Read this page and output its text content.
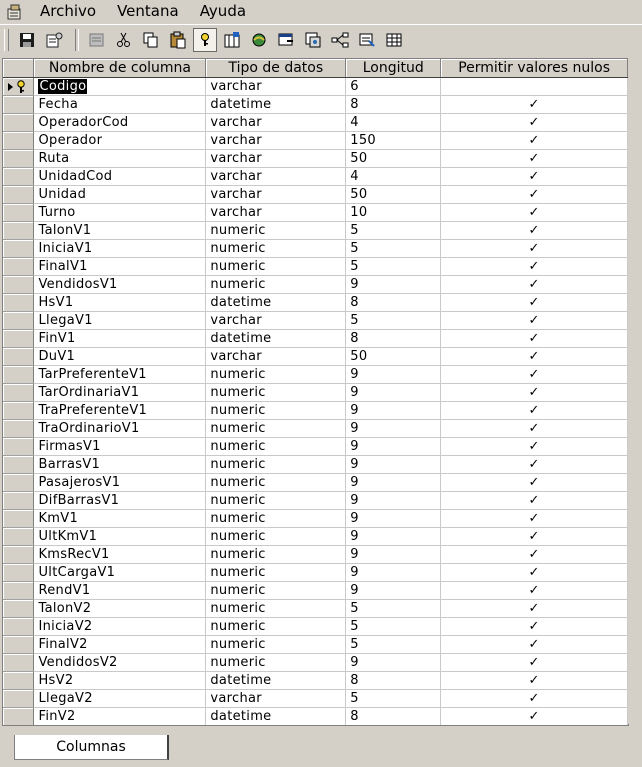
Archivo	Ventana	Ayuda
	Nombre de columna	Tipo de datos	Longitud	Permitir valores nulos

	Codigo	varchar	6	
	Fecha	datetime	8	✓
	OperadorCod	varchar	4	✓
	Operador	varchar	150	✓
	Ruta	varchar	50	✓
	UnidadCod	varchar	4	✓
	Unidad	varchar	50	✓
	Turno	varchar	10	✓
	TalonV1	numeric	5	✓
	IniciaV1	numeric	5	✓
	FinalV1	numeric	5	✓
	VendidosV1	numeric	9	✓
	HsV1	datetime	8	✓
	LlegaV1	varchar	5	✓
	FinV1	datetime	8	✓
	DuV1	varchar	50	✓
	TarPreferenteV1	numeric	9	✓
	TarOrdinariaV1	numeric	9	✓
	TraPreferenteV1	numeric	9	✓
	TraOrdinarioV1	numeric	9	✓
	FirmasV1	numeric	9	✓
	BarrasV1	numeric	9	✓
	PasajerosV1	numeric	9	✓
	DifBarrasV1	numeric	9	✓
	KmV1	numeric	9	✓
	UltKmV1	numeric	9	✓
	KmsRecV1	numeric	9	✓
	UltCargaV1	numeric	9	✓
	RendV1	numeric	9	✓
	TalonV2	numeric	5	✓
	IniciaV2	numeric	5	✓
	FinalV2	numeric	5	✓
	VendidosV2	numeric	9	✓
	HsV2	datetime	8	✓
	LlegaV2	varchar	5	✓
	FinV2	datetime	8	✓
Columnas
